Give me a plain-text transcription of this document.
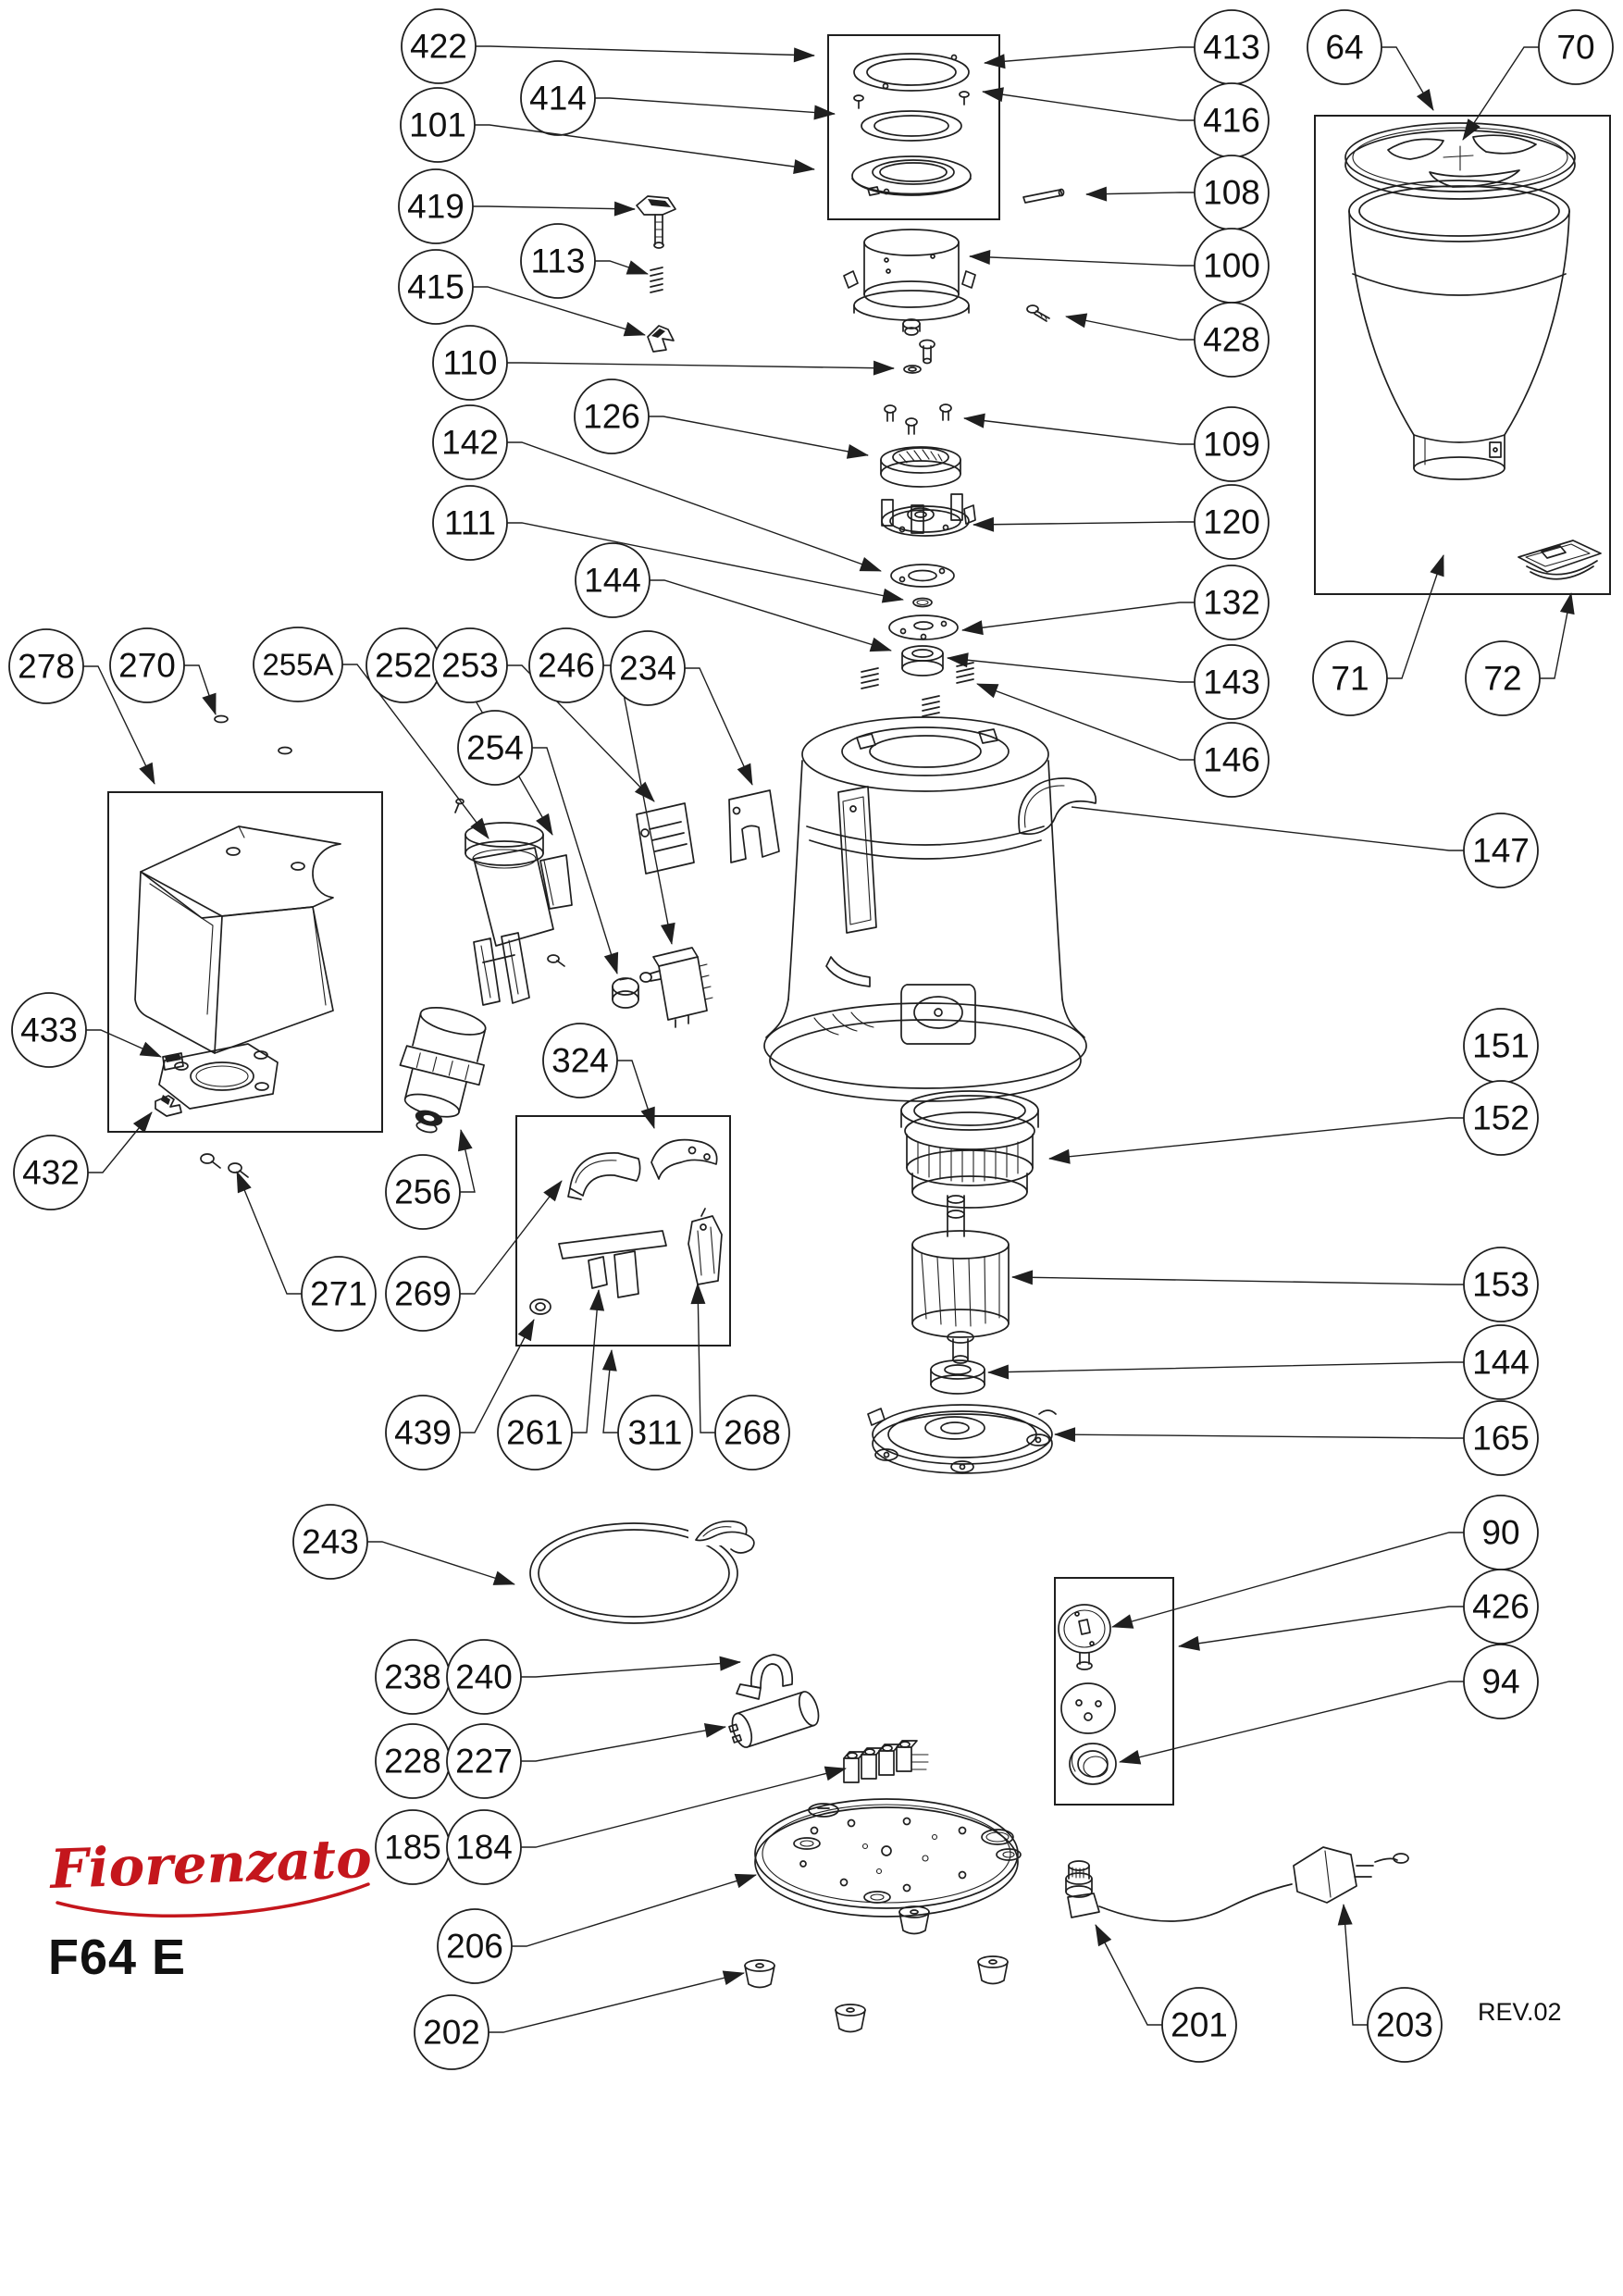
422
414
101
419
113
415
110
126
142
111
144
413
416
108
100
428
109
120
132
143
146
64	70
71	72
278 270	255A 252 253 246 234
254
433
432
271
256
269
324
439 261 311 268
243
238 240
228 227
185 184
206
202	201	203
147
151
152
153
144
165
90
426
94
Fiorenzato
F64 E
REV.02
